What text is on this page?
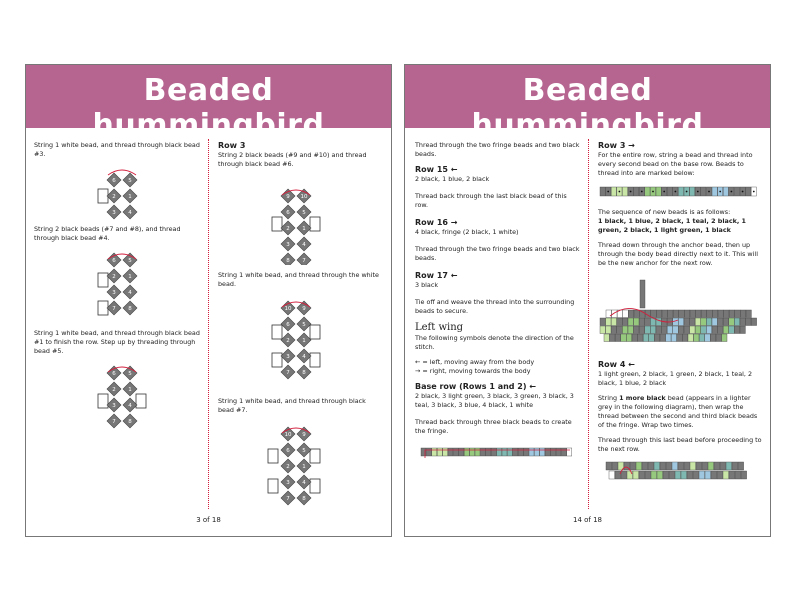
Beaded hummingbird

String 1 white bead, and thread through black bead #3.

6 5
2 1
3 4

String 2 black beads (#7 and #8), and thread through black bead #4.

6 5
2 1
3 4
7 8

String 1 white bead, and thread through black bead #1 to finish the row. Step up by threading through bead #5.

6 5
2 1
3 4
7 8
Row 3

String 2 black beads (#9 and #10) and thread through black bead #6.

9 10
6 5
2 1
3 4
8 7

String 1 white bead, and thread through the white bead.

10 9
6 5
2 1
3 4
7 8

String 1 white bead, and thread through black bead #7.

10 9
6 5
2 1
3 4
7 8
3 of 18
Beaded hummingbird

Thread through the two fringe beads and two black beads.

Row 15 ←

2 black, 1 blue, 2 black

Thread back through the last black bead of this row.

Row 16 →

4 black, fringe (2 black, 1 white)

Thread through the two fringe beads and two black beads.

Row 17 ←

3 black

Tie off and weave the thread into the surrounding beads to secure.

Left wing

The following symbols denote the direction of the stitch.

← = left, moving away from the body

→ = right, moving towards the body

Base row (Rows 1 and 2) ←

2 black, 3 light green, 3 black, 3 green, 3 black, 3 teal, 3 black, 3 blue, 4 black, 1 white

Thread back through three black beads to create the fringe.

Row 3 →

For the entire row, string a bead and thread into every second bead on the base row. Beads to thread into are marked below:

The sequence of new beads is as follows:

1 black, 1 blue, 2 black, 1 teal, 2 black, 1 green, 2 black, 1 light green, 1 black

Thread down through the anchor bead, then up through the body bead directly next to it. This will be the new anchor for the next row.

Row 4 ←

1 light green, 2 black, 1 green, 2 black, 1 teal, 2 black, 1 blue, 2 black

String 1 more black bead (appears in a lighter grey in the following diagram), then wrap the thread between the second and third black beads of the fringe. Wrap two times.

Thread through this last bead before proceeding to the next row.

14 of 18
